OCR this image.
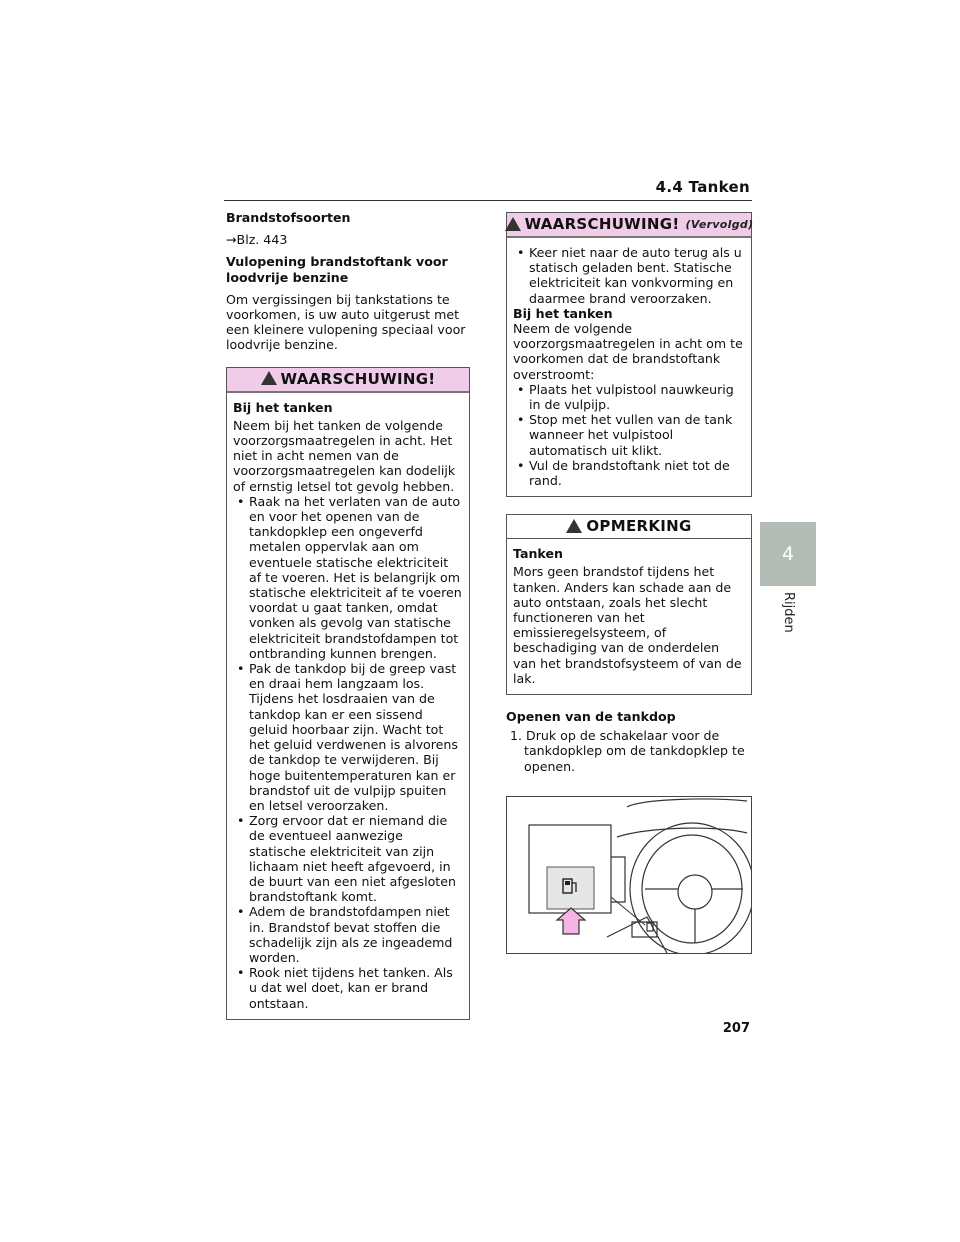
4.4 Tanken
4
Rijden

Brandstofsoorten

→Blz. 443

Vulopening brandstoftank voor loodvrije benzine

Om vergissingen bij tankstations te voorkomen, is uw auto uitgerust met een kleinere vulopening speciaal voor loodvrije benzine.

WAARSCHUWING!

Bij het tanken

Neem bij het tanken de volgende voorzorgsmaatregelen in acht. Het niet in acht nemen van de voorzorgsmaatregelen kan dodelijk of ernstig letsel tot gevolg hebben.

• Raak na het verlaten van de auto en voor het openen van de tankdopklep een ongeverfd metalen oppervlak aan om eventuele statische elektriciteit af te voeren. Het is belangrijk om statische elektriciteit af te voeren voordat u gaat tanken, omdat vonken als gevolg van statische elektriciteit brandstofdampen tot ontbranding kunnen brengen.
• Pak de tankdop bij de greep vast en draai hem langzaam los. Tijdens het losdraaien van de tankdop kan er een sissend geluid hoorbaar zijn. Wacht tot het geluid verdwenen is alvorens de tankdop te verwijderen. Bij hoge buitentemperaturen kan er brandstof uit de vulpijp spuiten en letsel veroorzaken.
• Zorg ervoor dat er niemand die de eventueel aanwezige statische elektriciteit van zijn lichaam niet heeft afgevoerd, in de buurt van een niet afgesloten brandstoftank komt.
• Adem de brandstofdampen niet in. Brandstof bevat stoffen die schadelijk zijn als ze ingeademd worden.
• Rook niet tijdens het tanken. Als u dat wel doet, kan er brand ontstaan.
WAARSCHUWING! (Vervolgd)
• Keer niet naar de auto terug als u statisch geladen bent. Statische elektriciteit kan vonkvorming en daarmee brand veroorzaken.

Bij het tanken

Neem de volgende voorzorgsmaatregelen in acht om te voorkomen dat de brandstoftank overstroomt:

• Plaats het vulpistool nauwkeurig in de vulpijp.
• Stop met het vullen van de tank wanneer het vulpistool automatisch uit klikt.
• Vul de brandstoftank niet tot de rand.
OPMERKING

Tanken

Mors geen brandstof tijdens het tanken. Anders kan schade aan de auto ontstaan, zoals het slecht functioneren van het emissieregelsysteem, of beschadiging van de onderdelen van het brandstofsysteem of van de lak.

Openen van de tankdop

1. Druk op de schakelaar voor de tankdopklep om de tankdopklep te openen.

207
